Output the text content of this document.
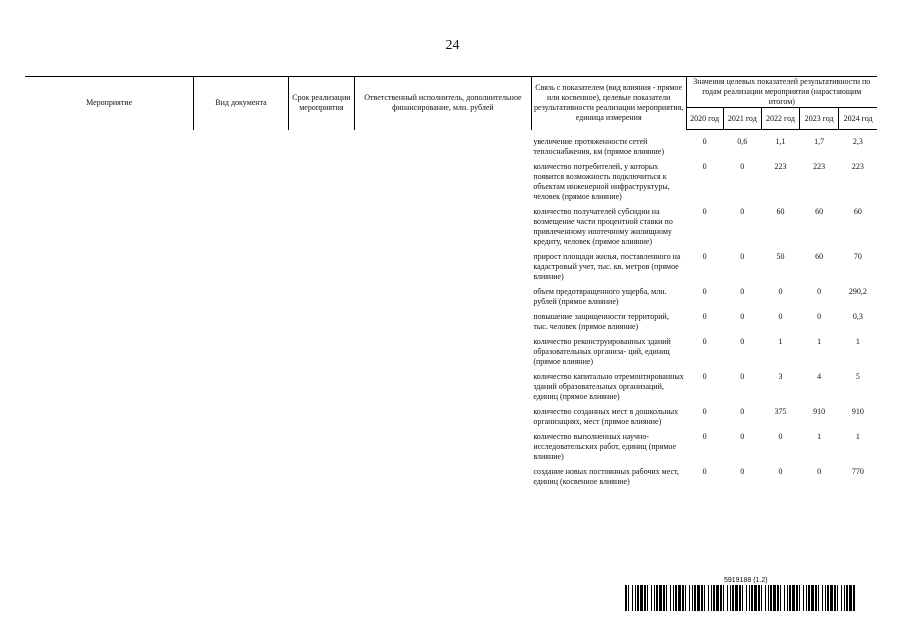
24
Мероприятие	Вид документа	Срок реализации мероприятия	Ответственный исполнитель, дополнительное финансирование, млн. рублей	Связь с показателем (вид влияния - прямое или косвенное), целевые показатели результативности реализации мероприятия, единица измерения	Значения целевых показателей результативности по годам реализации мероприятия (нарастающим итогом)				
					2020 год	2021 год	2022 год	2023 год	2024 год

				увеличение протяженности сетей теплоснабжения, км (прямое влияние)	0	0,6	1,1	1,7	2,3
				количество потребителей, у которых появится возможность подключиться к объектам инженерной инфраструктуры, человек (прямое влияние)	0	0	223	223	223
				количество получателей субсидии на возмещение части процентной ставки по привлеченному ипотечному жилищному кредиту, человек (прямое влияние)	0	0	60	60	60
				прирост площади жилья, поставленного на кадастровый учет, тыс. кв. метров (прямое влияние)	0	0	50	60	70
				объем предотвращенного ущерба, млн. рублей (прямое влияние)	0	0	0	0	290,2
				повышение защищенности территорий, тыс. человек (прямое влияние)	0	0	0	0	0,3
				количество реконструированных зданий образовательных организа- ций, единиц (прямое влияние)	0	0	1	1	1
				количество капитально отремонтированных зданий образовательных организаций, единиц (прямое влияние)	0	0	3	4	5
				количество созданных мест в дошкольных организациях, мест (прямое влияние)	0	0	375	910	910
				количество выполненных научно- исследовательских работ, единиц (прямое влияние)	0	0	0	1	1
				создание новых постоянных рабочих мест, единиц (косвенное влияние)	0	0	0	0	770
5919188 (1.2)
